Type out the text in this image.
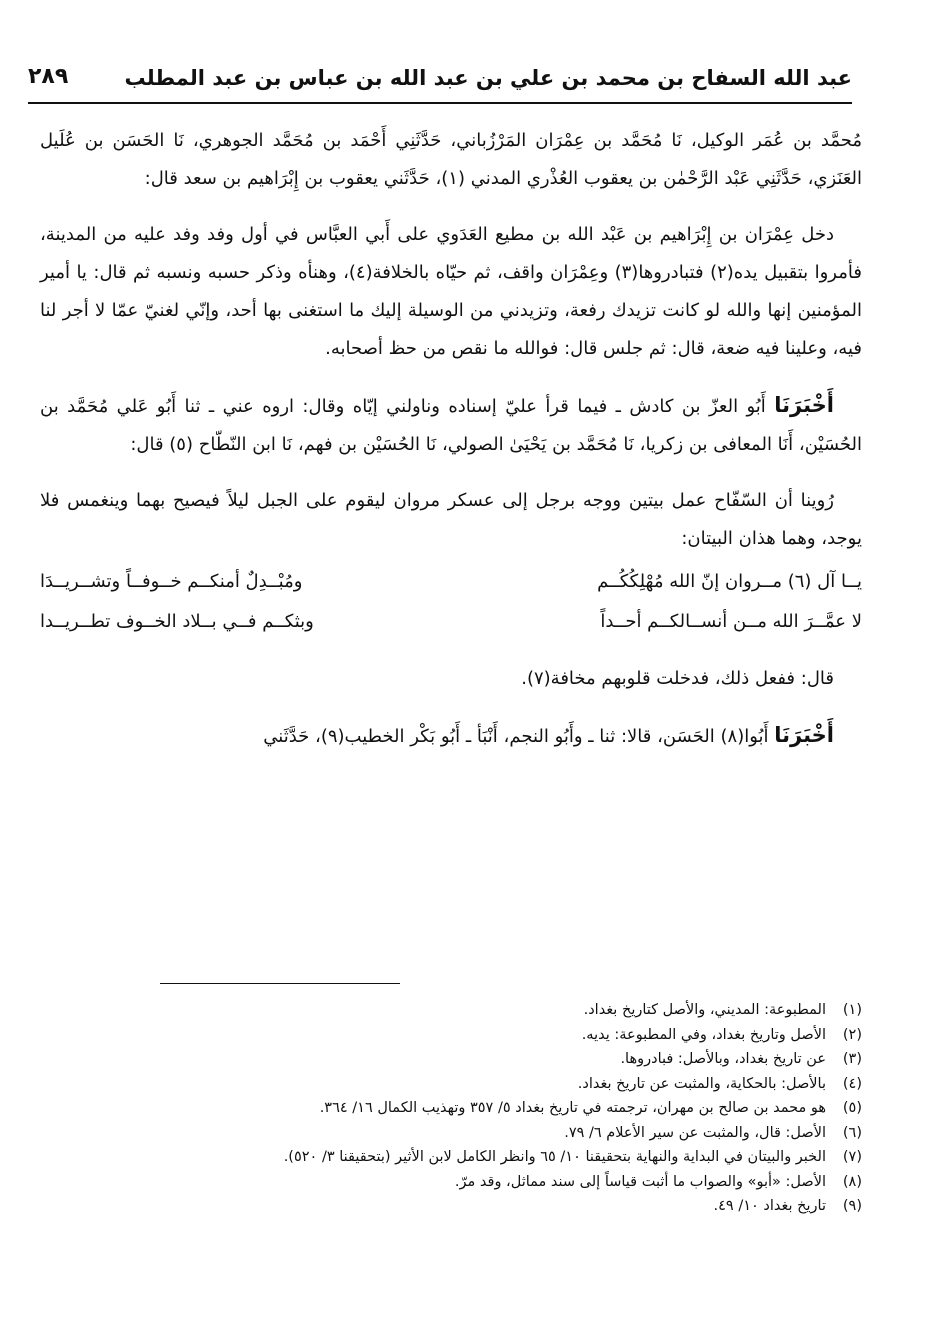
عبد الله السفاح بن محمد بن علي بن عبد الله بن عباس بن عبد المطلب
٢٨٩

مُحمَّد بن عُمَر الوكيل، نَا مُحَمَّد بن عِمْرَان المَرْزُباني، حَدَّثَنِي أَحْمَد بن مُحَمَّد الجوهري، نَا الحَسَن بن عُلَيل العَنَزي، حَدَّثَنِي عَبْد الرَّحْمٰن بن يعقوب العُذْري المدني (١)، حَدَّثَني يعقوب بن إِبْرَاهيم بن سعد قال:

دخل عِمْرَان بن إِبْرَاهيم بن عَبْد الله بن مطيع العَدَوي على أَبي العبَّاس في أول وفد وفد عليه من المدينة، فأمروا بتقبيل يده(٢) فتبادروها(٣) وعِمْرَان واقف، ثم حيّاه بالخلافة(٤)، وهنأه وذكر حسبه ونسبه ثم قال: يا أمير المؤمنين إنها والله لو كانت تزيدك رفعة، وتزيدني من الوسيلة إليك ما استغنى بها أحد، وإنّي لغنيّ عمّا لا أجر لنا فيه، وعلينا فيه ضعة، قال: ثم جلس قال: فوالله ما نقص من حظ أصحابه.

أَخْبَرَنَا أَبُو العزّ بن كادش ـ فيما قرأ عليّ إسناده وناولني إيّاه وقال: اروه عني ـ ثنا أَبُو عَلي مُحَمَّد بن الحُسَيْن، أَنَا المعافى بن زكريا، نَا مُحَمَّد بن يَحْيَىٰ الصولي، نَا الحُسَيْن بن فهم، نَا ابن النّطّاح (٥) قال:

رُوينا أن السّفّاح عمل بيتين ووجه برجل إلى عسكر مروان ليقوم على الجبل ليلاً فيصيح بهما وينغمس فلا يوجد، وهما هذان البيتان:

يــا آل (٦) مــروان إنّ الله مُهْلِكُكُــم
ومُبْــدِلٌ أمنكــم خــوفــاً وتشــريــدَا
لا عمَّــرَ الله مــن أنســالكــم أحــداً
وبثكــم فــي بــلاد الخــوف تطــريــدا

قال: ففعل ذلك، فدخلت قلوبهم مخافة(٧).

أَخْبَرَنَا أَبُوا(٨) الحَسَن، قالا: ثنا ـ وأَبُو النجم، أَنْبَأ ـ أَبُو بَكْر الخطيب(٩)، حَدَّثَني

(١)المطبوعة: المديني، والأصل كتاريخ بغداد.
(٢)الأصل وتاريخ بغداد، وفي المطبوعة: يديه.
(٣)عن تاريخ بغداد، وبالأصل: فبادروها.
(٤)بالأصل: بالحكاية، والمثبت عن تاريخ بغداد.
(٥)هو محمد بن صالح بن مهران، ترجمته في تاريخ بغداد ٥/ ٣٥٧ وتهذيب الكمال ١٦/ ٣٦٤.
(٦)الأصل: قال، والمثبت عن سير الأعلام ٦/ ٧٩.
(٧)الخبر والبيتان في البداية والنهاية بتحقيقنا ١٠/ ٦٥ وانظر الكامل لابن الأثير (بتحقيقنا ٣/ ٥٢٠).
(٨)الأصل: «أبو» والصواب ما أثبت قياساً إلى سند مماثل، وقد مرّ.
(٩)تاريخ بغداد ١٠/ ٤٩.
